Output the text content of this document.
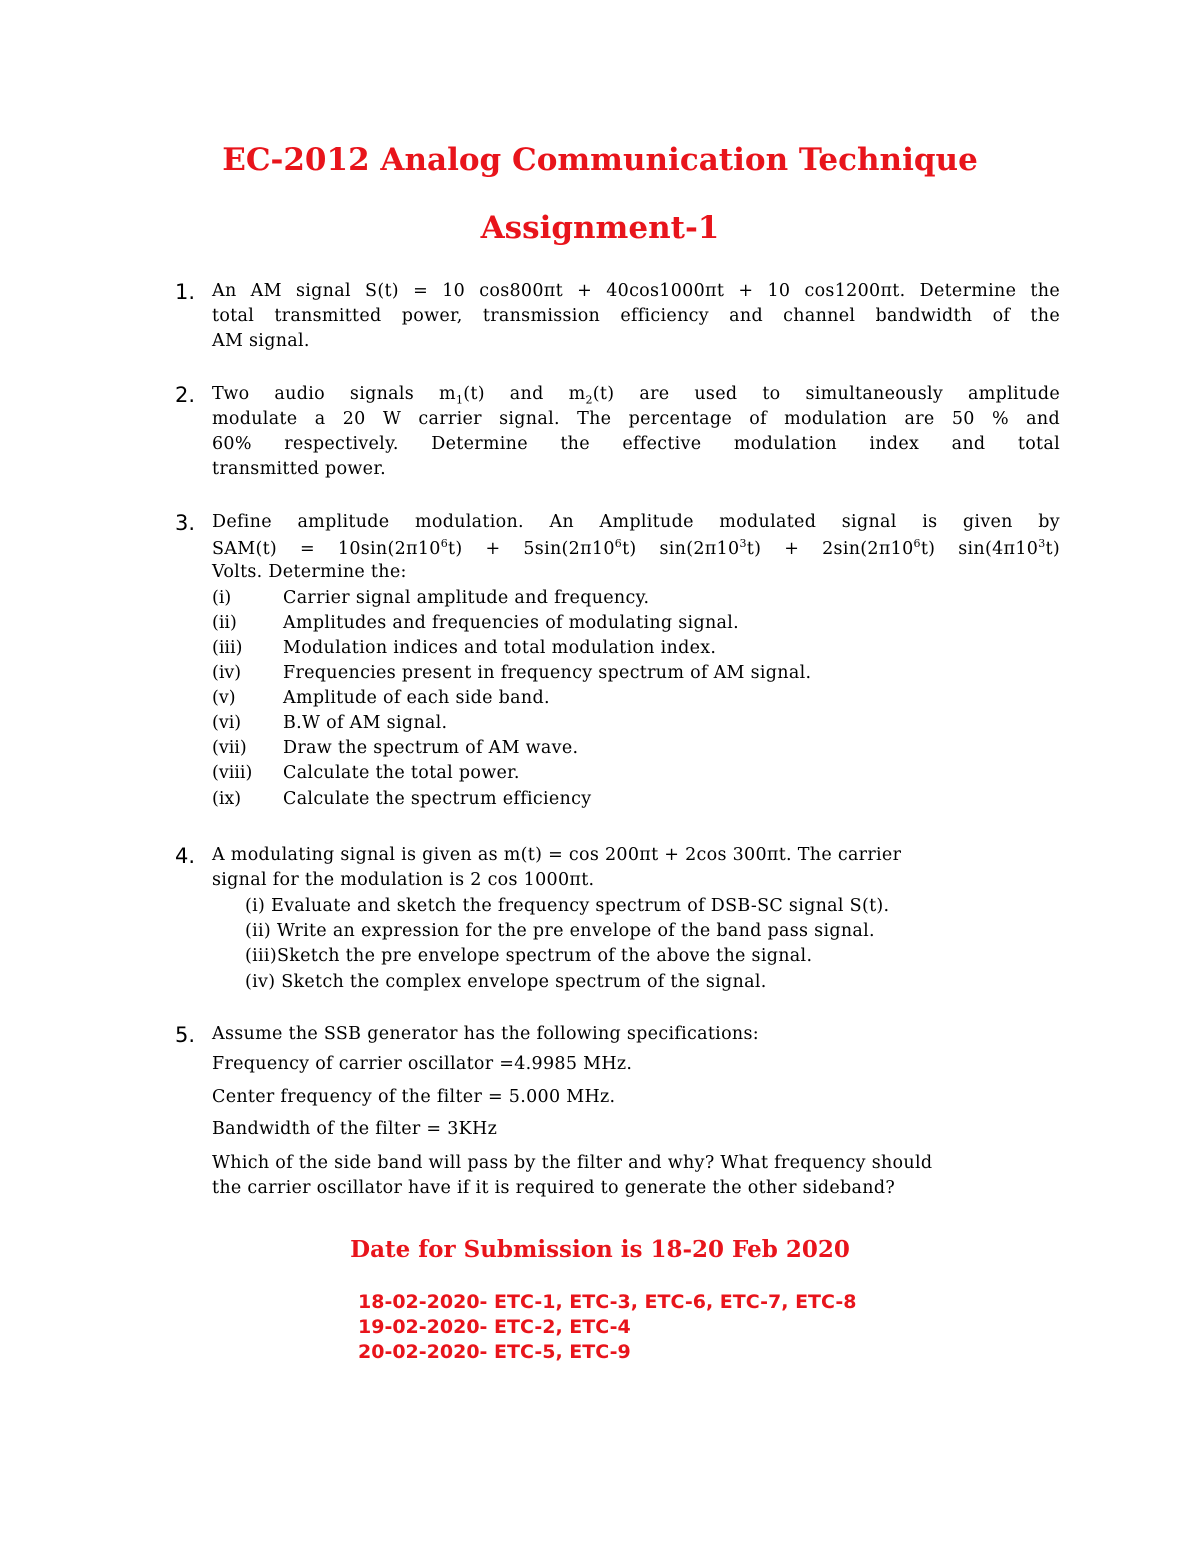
EC-2012 Analog Communication Technique
Assignment-1
1. An AM signal S(t) = 10 cos800πt + 40cos1000πt + 10 cos1200πt. Determine the
total transmitted power, transmission efficiency and channel bandwidth of the
AM signal.
2. Two audio signals $m_1(t)$ and $m_2(t)$ are used to simultaneously amplitude
modulate a 20 W carrier signal. The percentage of modulation are 50 % and
60% respectively. Determine the effective modulation index and total
transmitted power.
3. Define amplitude modulation. An Amplitude modulated signal is given by
$SAM(t) = 10\sin(2\pi 10^6t) + 5\sin(2\pi 10^6t) \sin(2\pi 10^3t) + 2\sin(2\pi 10^6t)$ $\sin(4\pi 10^3t)$
Volts. Determine the:
(i)	Carrier signal amplitude and frequency.
(ii)	Amplitudes and frequencies of modulating signal.
(iii) Modulation indices and total modulation index.
(iv) Frequencies present in frequency spectrum of AM signal.
(v)	Amplitude of each side band.
(vi) B.W of AM signal.
(vii) Draw the spectrum of AM wave.
(viii) Calculate the total power.
(ix) Calculate the spectrum efficiency
4. A modulating signal is given as m(t) = cos 200πt + 2cos 300πt. The carrier
signal for the modulation is 2 cos 1000πt.
(i) Evaluate and sketch the frequency spectrum of DSB-SC signal S(t).
(ii) Write an expression for the pre envelope of the band pass signal.
(iii)Sketch the pre envelope spectrum of the above the signal.
(iv) Sketch the complex envelope spectrum of the signal.
5. Assume the SSB generator has the following specifications:
Frequency of carrier oscillator =4.9985 MHz.
Center frequency of the filter = 5.000 MHz.
Bandwidth of the filter = 3KHz
Which of the side band will pass by the filter and why? What frequency should
the carrier oscillator have if it is required to generate the other sideband?
Date for Submission is 18-20 Feb 2020
18-02-2020- ETC-1, ETC-3, ETC-6, ETC-7, ETC-8
19-02-2020- ETC-2, ETC-4
20-02-2020- ETC-5, ETC-9
